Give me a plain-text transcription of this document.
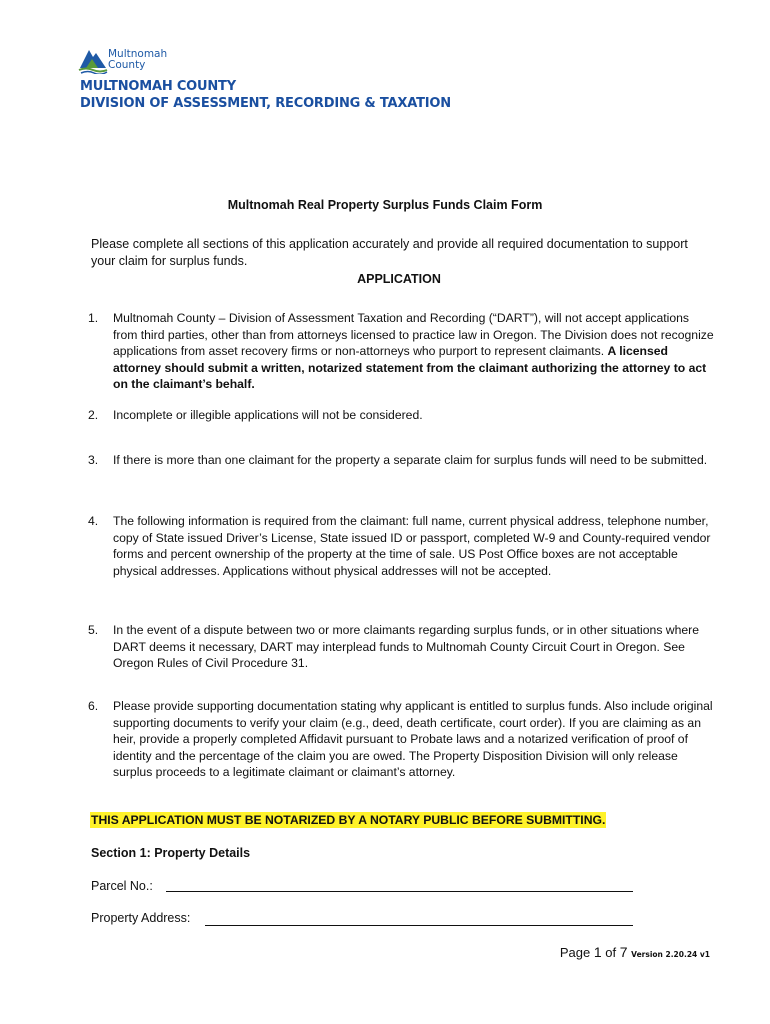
Multnomah
County
MULTNOMAH COUNTY
DIVISION OF ASSESSMENT, RECORDING & TAXATION
Multnomah Real Property Surplus Funds Claim Form
Please complete all sections of this application accurately and provide all required documentation to support your claim for surplus funds.
APPLICATION
1. Multnomah County – Division of Assessment Taxation and Recording (“DART”), will not accept applications from third parties, other than from attorneys licensed to practice law in Oregon. The Division does not recognize applications from asset recovery firms or non-attorneys who purport to represent claimants. A licensed attorney should submit a written, notarized statement from the claimant authorizing the attorney to act on the claimant’s behalf.
2. Incomplete or illegible applications will not be considered.
3. If there is more than one claimant for the property a separate claim for surplus funds will need to be submitted.
4. The following information is required from the claimant: full name, current physical address, telephone number, copy of State issued Driver’s License, State issued ID or passport, completed W-9 and County-required vendor forms and percent ownership of the property at the time of sale. US Post Office boxes are not acceptable physical addresses. Applications without physical addresses will not be accepted.
5. In the event of a dispute between two or more claimants regarding surplus funds, or in other situations where DART deems it necessary, DART may interplead funds to Multnomah County Circuit Court in Oregon. See Oregon Rules of Civil Procedure 31.
6. Please provide supporting documentation stating why applicant is entitled to surplus funds. Also include original supporting documents to verify your claim (e.g., deed, death certificate, court order). If you are claiming as an heir, provide a properly completed Affidavit pursuant to Probate laws and a notarized verification of proof of identity and the percentage of the claim you are owed. The Property Disposition Division will only release surplus proceeds to a legitimate claimant or claimant’s attorney.
THIS APPLICATION MUST BE NOTARIZED BY A NOTARY PUBLIC BEFORE SUBMITTING.
Section 1: Property Details
Parcel No.:
Property Address:
Page 1 of 7 Version 2.20.24 v1
